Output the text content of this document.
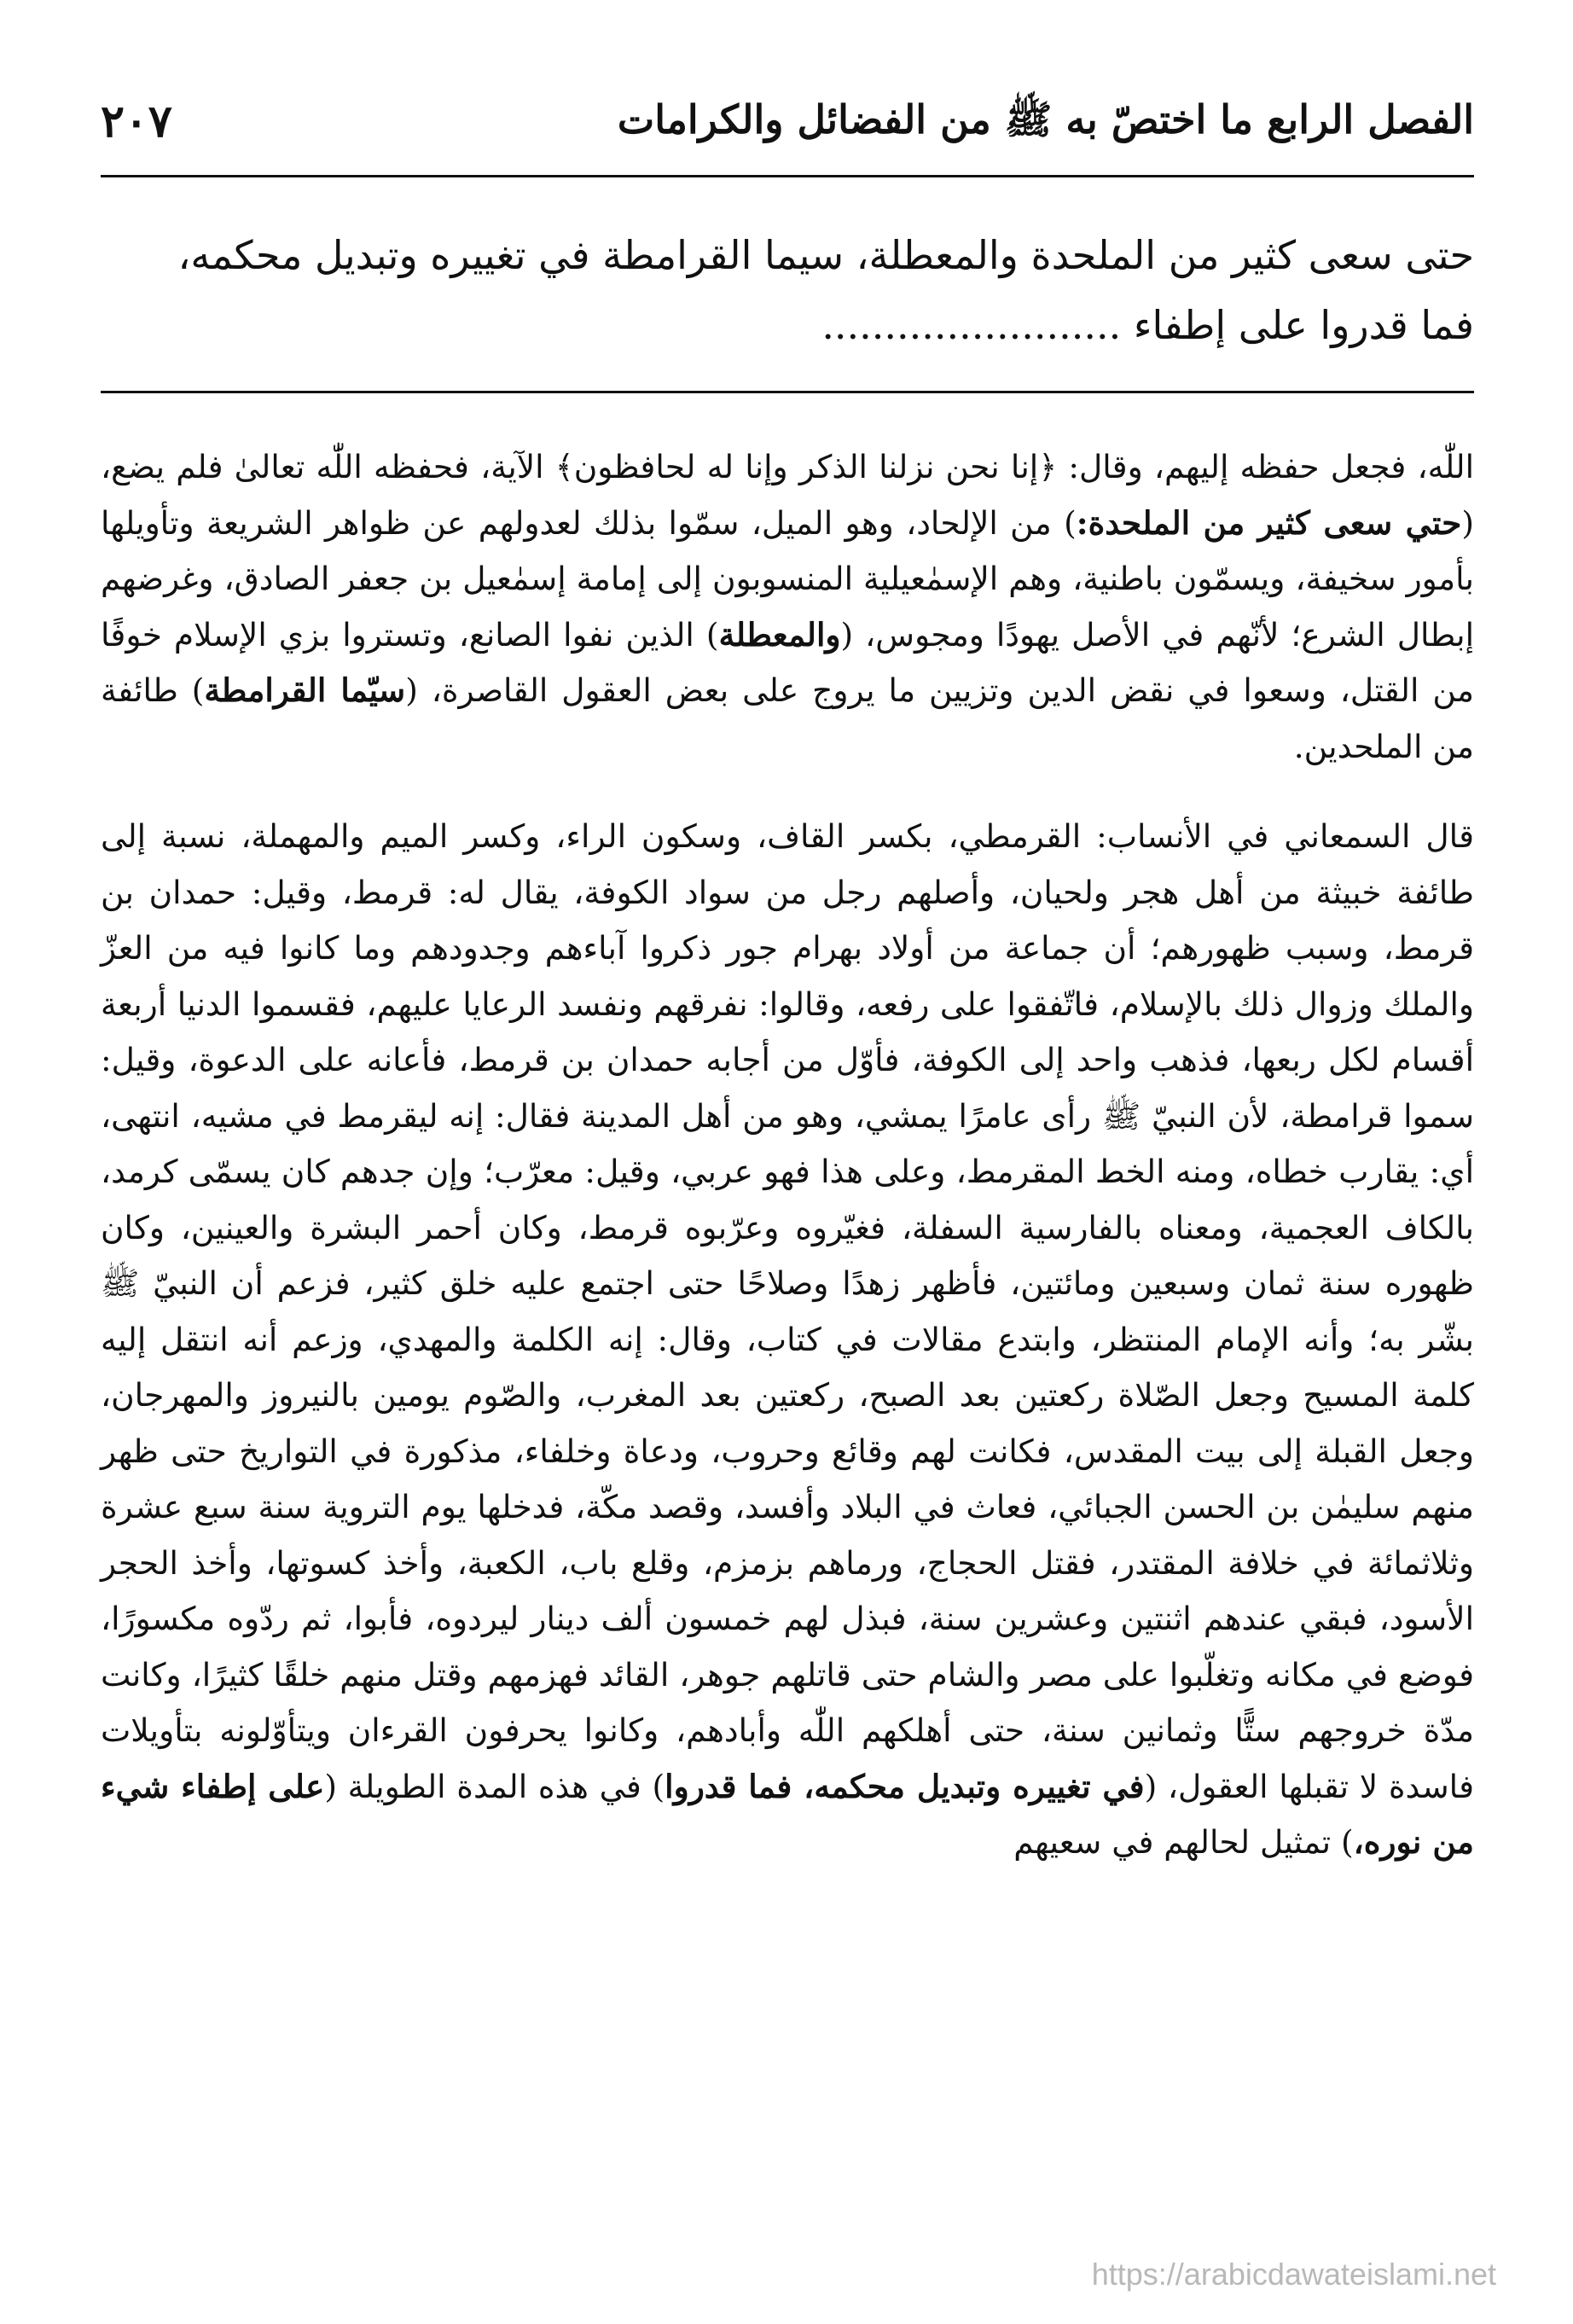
الفصل الرابع ما اختصّ به ﷺ من الفضائل والكرامات
٢٠٧

حتى سعى كثير من الملحدة والمعطلة، سيما القرامطة في تغييره وتبديل محكمه،

فما قدروا على إطفاء ........................

اللّٰه، فجعل حفظه إليهم، وقال: ﴿إنا نحن نزلنا الذكر وإنا له لحافظون﴾ الآية، فحفظه اللّٰه تعالىٰ فلم يضع، (حتي سعى كثير من الملحدة:) من الإلحاد، وهو الميل، سمّوا بذلك لعدولهم عن ظواهر الشريعة وتأويلها بأمور سخيفة، ويسمّون باطنية، وهم الإسمٰعيلية المنسوبون إلى إمامة إسمٰعيل بن جعفر الصادق، وغرضهم إبطال الشرع؛ لأنّهم في الأصل يهودًا ومجوس، (والمعطلة) الذين نفوا الصانع، وتستروا بزي الإسلام خوفًا من القتل، وسعوا في نقض الدين وتزيين ما يروج على بعض العقول القاصرة، (سيّما القرامطة) طائفة من الملحدين.

قال السمعاني في الأنساب: القرمطي، بكسر القاف، وسكون الراء، وكسر الميم والمهملة، نسبة إلى طائفة خبيثة من أهل هجر ولحيان، وأصلهم رجل من سواد الكوفة، يقال له: قرمط، وقيل: حمدان بن قرمط، وسبب ظهورهم؛ أن جماعة من أولاد بهرام جور ذكروا آباءهم وجدودهم وما كانوا فيه من العزّ والملك وزوال ذلك بالإسلام، فاتّفقوا على رفعه، وقالوا: نفرقهم ونفسد الرعايا عليهم، فقسموا الدنيا أربعة أقسام لكل ربعها، فذهب واحد إلى الكوفة، فأوّل من أجابه حمدان بن قرمط، فأعانه على الدعوة، وقيل: سموا قرامطة، لأن النبيّ ﷺ رأى عامرًا يمشي، وهو من أهل المدينة فقال: إنه ليقرمط في مشيه، انتهى، أي: يقارب خطاه، ومنه الخط المقرمط، وعلى هذا فهو عربي، وقيل: معرّب؛ وإن جدهم كان يسمّى كرمد، بالكاف العجمية، ومعناه بالفارسية السفلة، فغيّروه وعرّبوه قرمط، وكان أحمر البشرة والعينين، وكان ظهوره سنة ثمان وسبعين ومائتين، فأظهر زهدًا وصلاحًا حتى اجتمع عليه خلق كثير، فزعم أن النبيّ ﷺ بشّر به؛ وأنه الإمام المنتظر، وابتدع مقالات في كتاب، وقال: إنه الكلمة والمهدي، وزعم أنه انتقل إليه كلمة المسيح وجعل الصّلاة ركعتين بعد الصبح، ركعتين بعد المغرب، والصّوم يومين بالنيروز والمهرجان، وجعل القبلة إلى بيت المقدس، فكانت لهم وقائع وحروب، ودعاة وخلفاء، مذكورة في التواريخ حتى ظهر منهم سليمٰن بن الحسن الجبائي، فعاث في البلاد وأفسد، وقصد مكّة، فدخلها يوم التروية سنة سبع عشرة وثلاثمائة في خلافة المقتدر، فقتل الحجاج، ورماهم بزمزم، وقلع باب، الكعبة، وأخذ كسوتها، وأخذ الحجر الأسود، فبقي عندهم اثنتين وعشرين سنة، فبذل لهم خمسون ألف دينار ليردوه، فأبوا، ثم ردّوه مكسورًا، فوضع في مكانه وتغلّبوا على مصر والشام حتى قاتلهم جوهر، القائد فهزمهم وقتل منهم خلقًا كثيرًا، وكانت مدّة خروجهم ستًّا وثمانين سنة، حتى أهلكهم اللّٰه وأبادهم، وكانوا يحرفون القرءان ويتأوّلونه بتأويلات فاسدة لا تقبلها العقول، (في تغييره وتبديل محكمه، فما قدروا) في هذه المدة الطويلة (على إطفاء شيء من نوره،) تمثيل لحالهم في سعيهم

https://arabicdawateislami.net
